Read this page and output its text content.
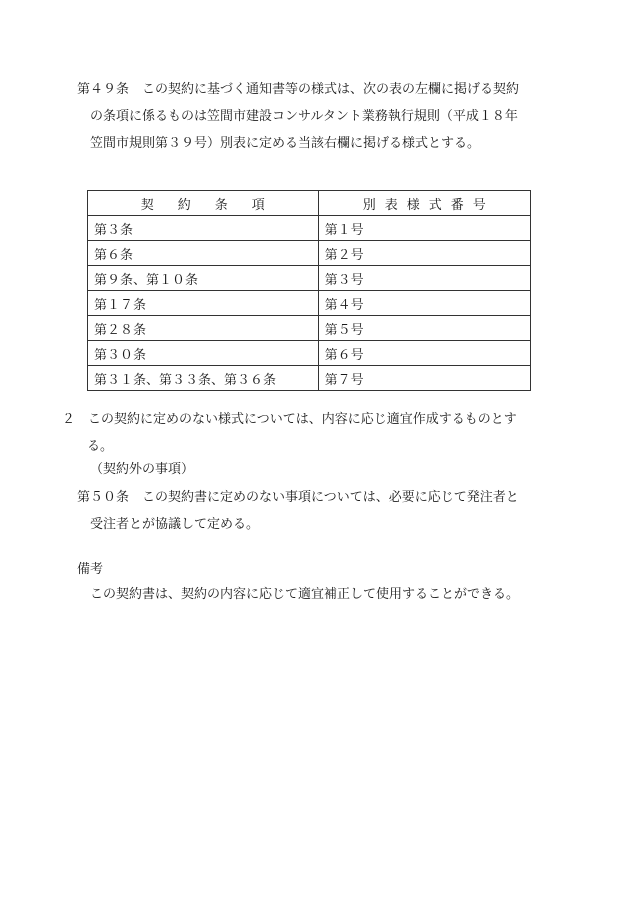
第４９条　この契約に基づく通知書等の様式は、次の表の左欄に掲げる契約
の条項に係るものは笠間市建設コンサルタント業務執行規則（平成１８年
笠間市規則第３９号）別表に定める当該右欄に掲げる様式とする。

契約条項	別表様式番号
第３条	第１号
第６条	第２号
第９条、第１０条	第３号
第１７条	第４号
第２８条	第５号
第３０条	第６号
第３１条、第３３条、第３６条	第７号

２　この契約に定めのない様式については、内容に応じ適宜作成するものとす
る。

（契約外の事項）

第５０条　この契約書に定めのない事項については、必要に応じて発注者と
受注者とが協議して定める。

備考

この契約書は、契約の内容に応じて適宜補正して使用することができる。
